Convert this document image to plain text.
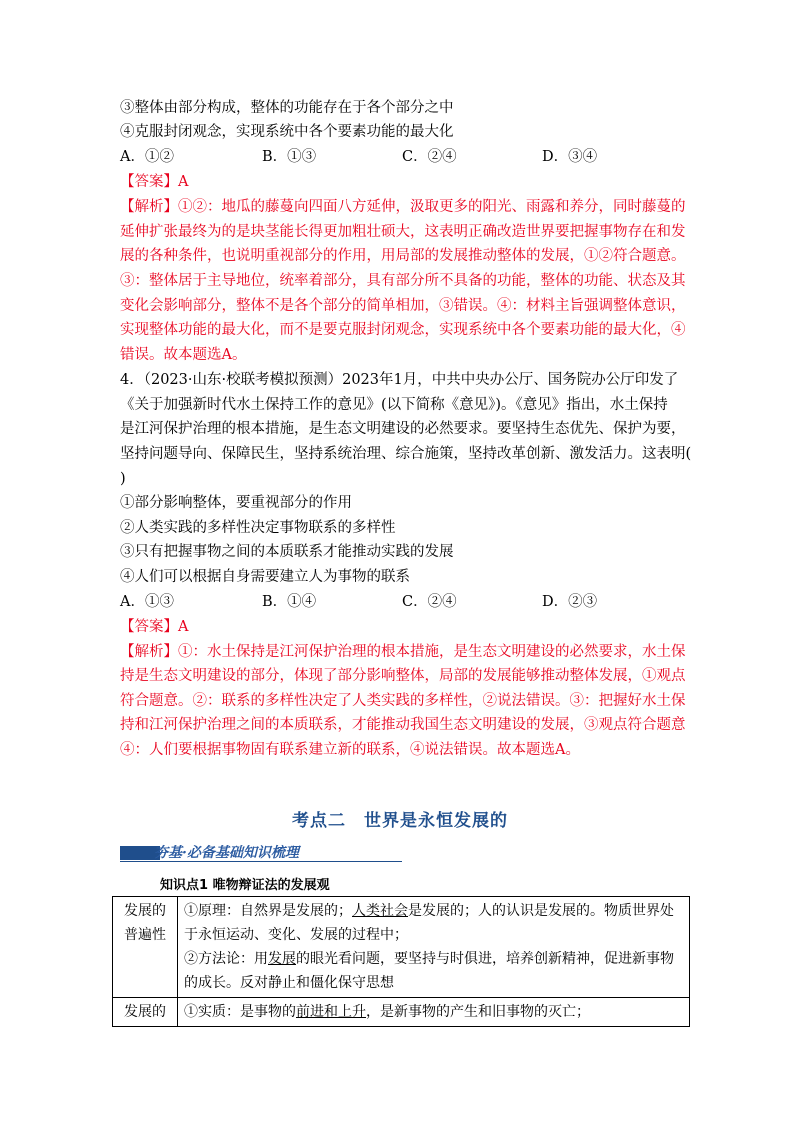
③整体由部分构成，整体的功能存在于各个部分之中
④克服封闭观念，实现系统中各个要素功能的最大化
A．①②	B．①③	C．②④	D．③④
【答案】A
【解析】①②：地瓜的藤蔓向四面八方延伸，汲取更多的阳光、雨露和养分，同时藤蔓的
延伸扩张最终为的是块茎能长得更加粗壮硕大，这表明正确改造世界要把握事物存在和发
展的各种条件，也说明重视部分的作用，用局部的发展推动整体的发展，①②符合题意。
③：整体居于主导地位，统率着部分，具有部分所不具备的功能，整体的功能、状态及其
变化会影响部分，整体不是各个部分的简单相加，③错误。④：材料主旨强调整体意识，
实现整体功能的最大化，而不是要克服封闭观念，实现系统中各个要素功能的最大化，④
错误。故本题选A。
4．（2023·山东·校联考模拟预测）2023年1月，中共中央办公厅、国务院办公厅印发了
《关于加强新时代水土保持工作的意见》(以下简称《意见》)。《意见》指出，水土保持
是江河保护治理的根本措施，是生态文明建设的必然要求。要坚持生态优先、保护为要，
坚持问题导向、保障民生，坚持系统治理、综合施策，坚持改革创新、激发活力。这表明(
)
①部分影响整体，要重视部分的作用
②人类实践的多样性决定事物联系的多样性
③只有把握事物之间的本质联系才能推动实践的发展
④人们可以根据自身需要建立人为事物的联系
A．①③	B．①④	C．②④	D．②③
【答案】A
【解析】①：水土保持是江河保护治理的根本措施，是生态文明建设的必然要求，水土保
持是生态文明建设的部分，体现了部分影响整体，局部的发展能够推动整体发展，①观点
符合题意。②：联系的多样性决定了人类实践的多样性，②说法错误。③：把握好水土保
持和江河保护治理之间的本质联系，才能推动我国生态文明建设的发展，③观点符合题意
④：人们要根据事物固有联系建立新的联系，④说法错误。故本题选A。
考点二　世界是永恒发展的
夯基·必备基础知识梳理
知识点1 唯物辩证法的发展观
发展的普遍性	①原理：自然界是发展的；人类社会是发展的；人的认识是发展的。物质世界处于永恒运动、变化、发展的过程中；
②方法论：用发展的眼光看问题，要坚持与时俱进，培养创新精神，促进新事物的成长。反对静止和僵化保守思想

发展的	①实质：是事物的前进和上升，是新事物的产生和旧事物的灭亡；
